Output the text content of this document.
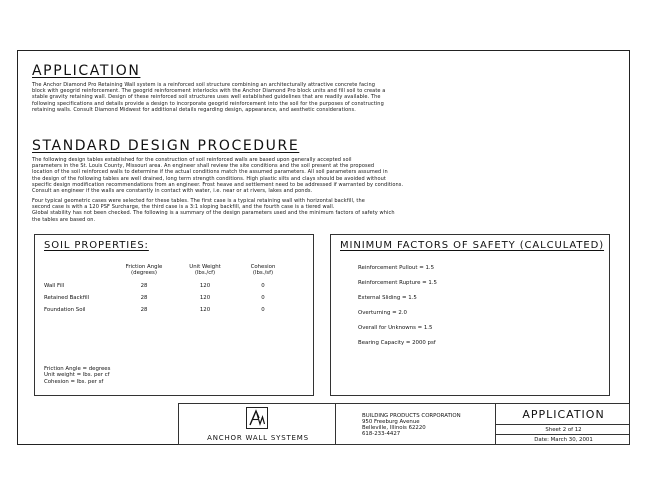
APPLICATION
The Anchor Diamond Pro Retaining Wall system is a reinforced soil structure combining an architecturally attractive concrete facing
block with geogrid reinforcement. The geogrid reinforcement interlocks with the Anchor Diamond Pro block units and fill soil to create a
stable gravity retaining wall. Design of these reinforced soil structures uses well established guidelines that are readily available. The
following specifications and details provide a design to incorporate geogrid reinforcement into the soil for the purposes of constructing
retaining walls. Consult Diamond Midwest for additional details regarding design, appearance, and aesthetic considerations.
STANDARD DESIGN PROCEDURE
The following design tables established for the construction of soil reinforced walls are based upon generally accepted soil
parameters in the St. Louis County, Missouri area. An engineer shall review the site conditions and the soil present at the proposed
location of the soil reinforced walls to determine if the actual conditions match the assumed parameters. All soil parameters assumed in
the design of the following tables are well drained, long term strength conditions. High plastic silts and clays should be avoided without
specific design modification recommendations from an engineer. Frost heave and settlement need to be addressed if warranted by conditions.
Consult an engineer if the walls are constantly in contact with water, i.e. near or at rivers, lakes and ponds.
Four typical geometric cases were selected for these tables. The first case is a typical retaining wall with horizontal backfill, the
second case is with a 120 PSF Surcharge, the third case is a 3:1 sloping backfill, and the fourth case is a tiered wall.
Global stability has not been checked. The following is a summary of the design parameters used and the minimum factors of safety which
the tables are based on.
SOIL PROPERTIES:
Friction Angle
(degrees)
Unit Weight
(lbs./cf)
Cohesion
(lbs./sf)
Wall Fill	28	120	0
Retained Backfill	28	120	0
Foundation Soil	28	120	0
Friction Angle = degrees
Unit weight = lbs. per cf
Cohesion = lbs. per sf
MINIMUM FACTORS OF SAFETY (CALCULATED)
Reinforcement Pullout = 1.5
Reinforcement Rupture = 1.5
External Sliding = 1.5
Overturning = 2.0
Overall for Unknowns = 1.5
Bearing Capacity = 2000 psf
ANCHOR WALL SYSTEMS
BUILDING PRODUCTS CORPORATION
950 Freeburg Avenue
Belleville, Illinois 62220
618-233-4427
APPLICATION
Sheet 2 of 12
Date: March 30, 2001
